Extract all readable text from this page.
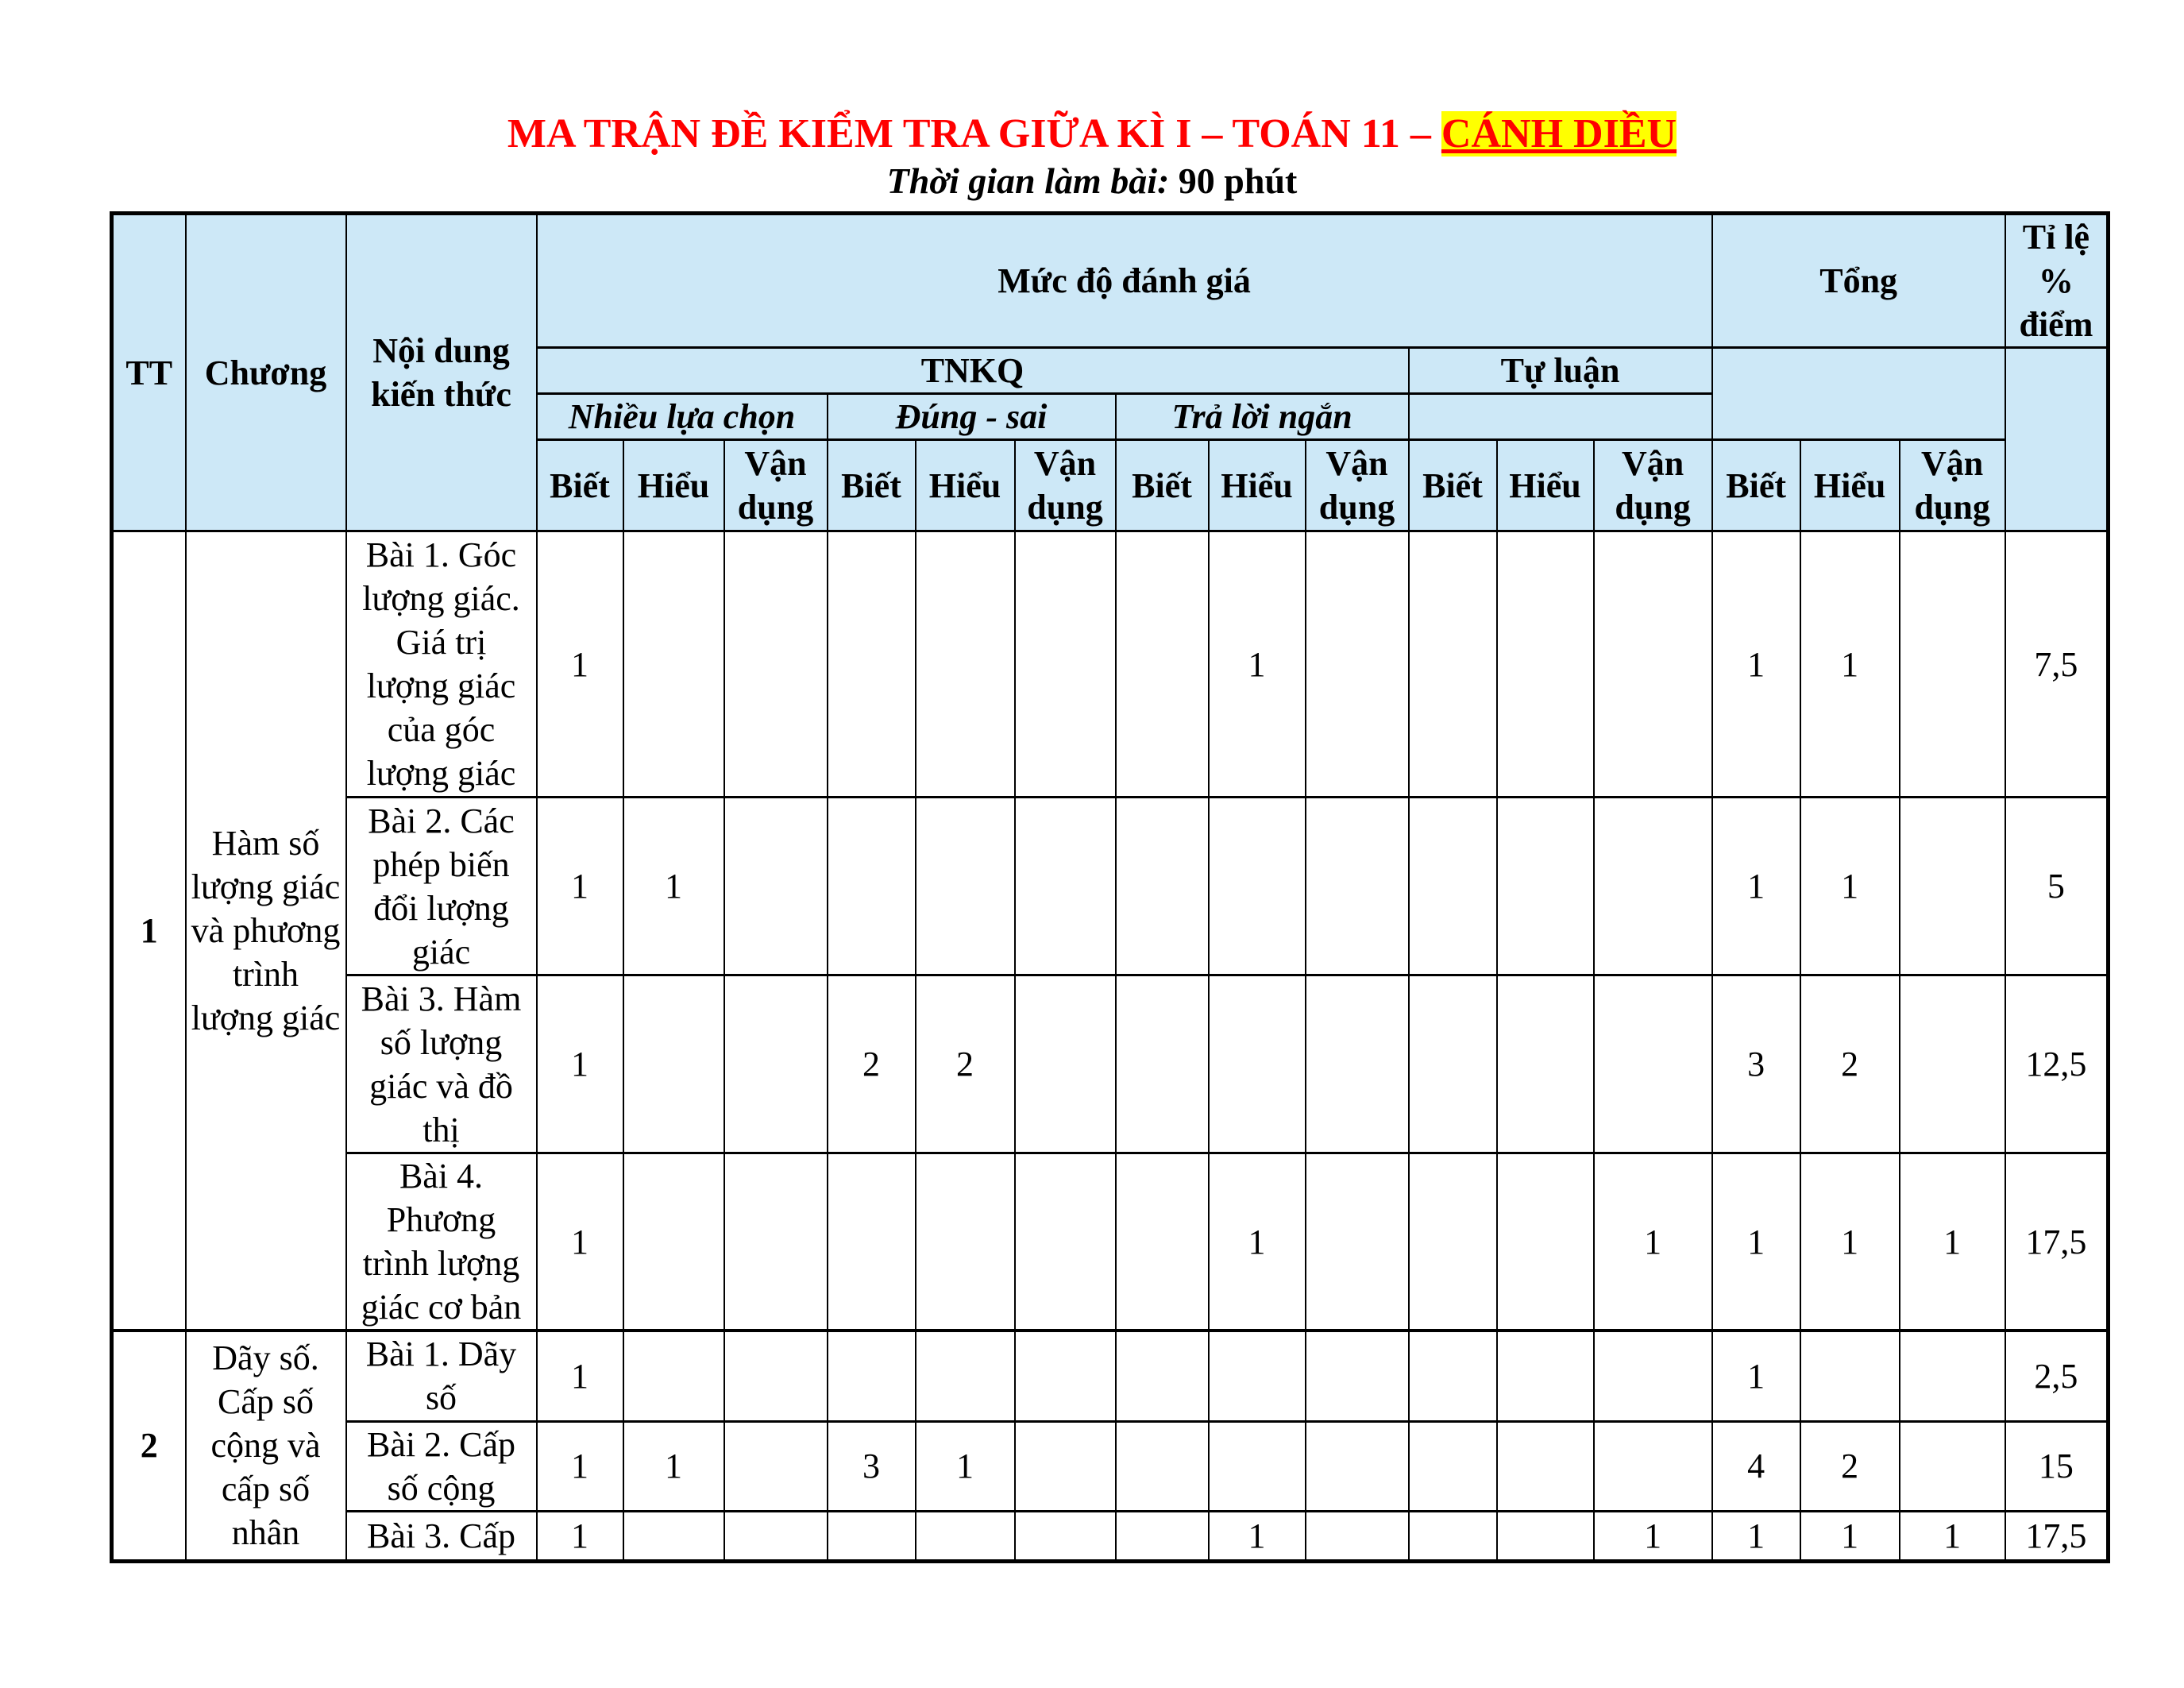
MA TRẬN ĐỀ KIỂM TRA GIỮA KÌ I – TOÁN 11 – CÁNH DIỀU
Thời gian làm bài: 90 phút
TT	Chương	Nội dung kiến thức	Mức độ đánh giá												Tổng			Tỉ lệ % điểm
			TNKQ									Tự luận						
			Nhiều lựa chọn			Đúng - sai			Trả lời ngắn									
			Biết	Hiểu	Vận dụng	Biết	Hiểu	Vận dụng	Biết	Hiểu	Vận dụng	Biết	Hiểu	Vận dụng	Biết	Hiểu	Vận dụng	
1	Hàm số lượng giác và phương trình lượng giác	Bài 1. Góc lượng giác. Giá trị lượng giác của góc lượng giác	1							1					1	1		7,5
		Bài 2. Các phép biến đổi lượng giác	1	1											1	1		5
		Bài 3. Hàm số lượng giác và đồ thị	1			2	2								3	2		12,5
		Bài 4. Phương trình lượng giác cơ bản	1							1				1	1	1	1	17,5
2	Dãy số. Cấp số cộng và cấp số nhân	Bài 1. Dãy số	1												1			2,5
		Bài 2. Cấp số cộng	1	1		3	1								4	2		15
		Bài 3. Cấp	1							1				1	1	1	1	17,5
